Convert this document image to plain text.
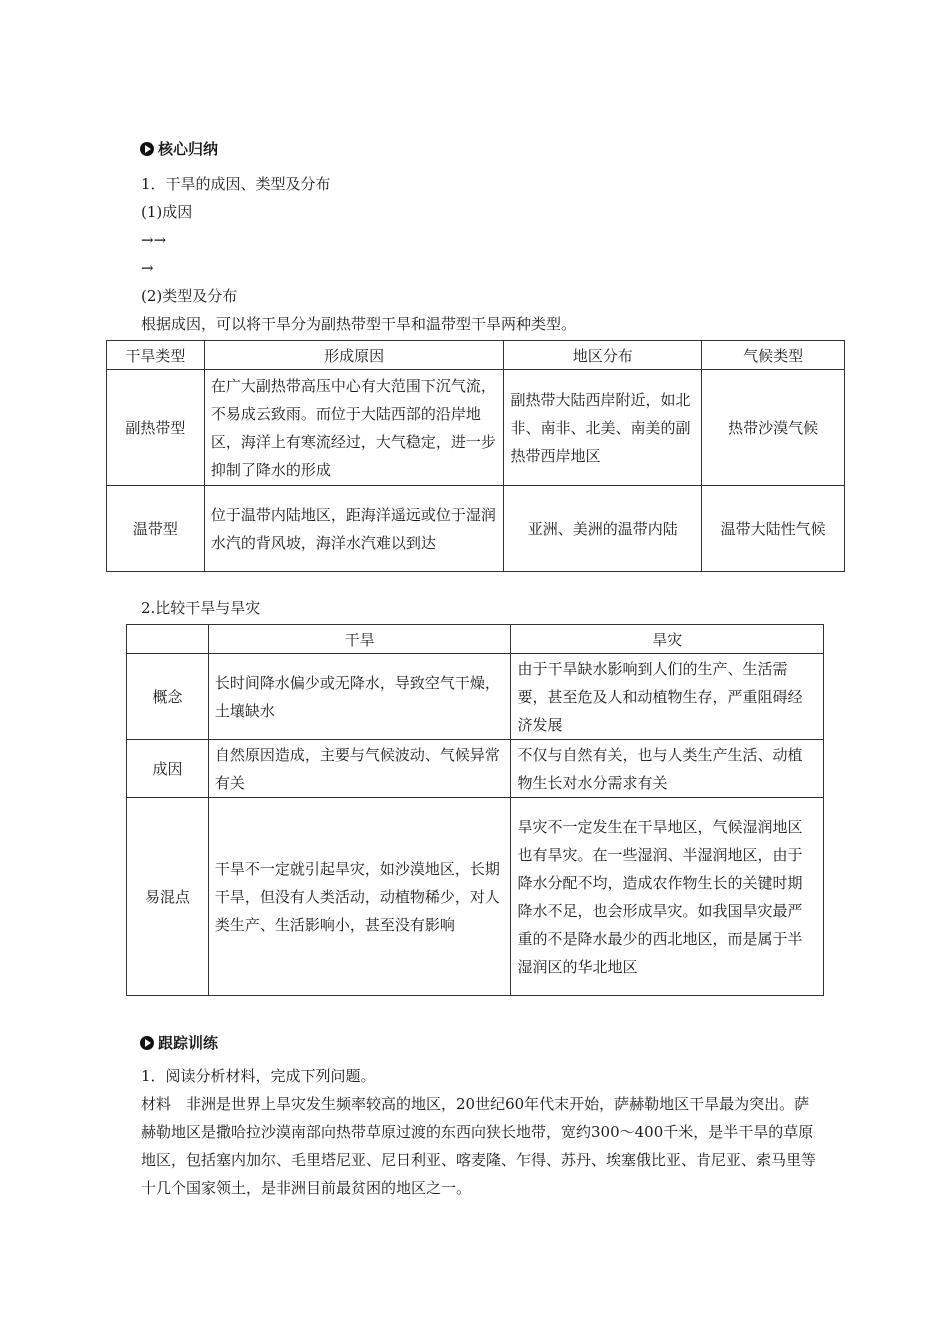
核心归纳
1．干旱的成因、类型及分布
(1)成因
→→
→
(2)类型及分布
根据成因，可以将干旱分为副热带型干旱和温带型干旱两种类型。
干旱类型	形成原因	地区分布	气候类型
副热带型	在广大副热带高压中心有大范围下沉气流，不易成云致雨。而位于大陆西部的沿岸地区，海洋上有寒流经过，大气稳定，进一步抑制了降水的形成	副热带大陆西岸附近，如北非、南非、北美、南美的副热带西岸地区	热带沙漠气候
温带型	位于温带内陆地区，距海洋遥远或位于湿润水汽的背风坡，海洋水汽难以到达	亚洲、美洲的温带内陆	温带大陆性气候
2.比较干旱与旱灾
	干旱	旱灾
概念	长时间降水偏少或无降水，导致空气干燥，土壤缺水	由于干旱缺水影响到人们的生产、生活需要，甚至危及人和动植物生存，严重阻碍经济发展
成因	自然原因造成，主要与气候波动、气候异常有关	不仅与自然有关，也与人类生产生活、动植物生长对水分需求有关
易混点	干旱不一定就引起旱灾，如沙漠地区，长期干旱，但没有人类活动，动植物稀少，对人类生产、生活影响小，甚至没有影响	旱灾不一定发生在干旱地区，气候湿润地区也有旱灾。在一些湿润、半湿润地区，由于降水分配不均，造成农作物生长的关键时期降水不足，也会形成旱灾。如我国旱灾最严重的不是降水最少的西北地区，而是属于半湿润区的华北地区
跟踪训练
1．阅读分析材料，完成下列问题。
材料　非洲是世界上旱灾发生频率较高的地区，20世纪60年代末开始，萨赫勒地区干旱最为突出。萨赫勒地区是撒哈拉沙漠南部向热带草原过渡的东西向狭长地带，宽约300～400千米，是半干旱的草原地区，包括塞内加尔、毛里塔尼亚、尼日利亚、喀麦隆、乍得、苏丹、埃塞俄比亚、肯尼亚、索马里等十几个国家领土，是非洲目前最贫困的地区之一。
